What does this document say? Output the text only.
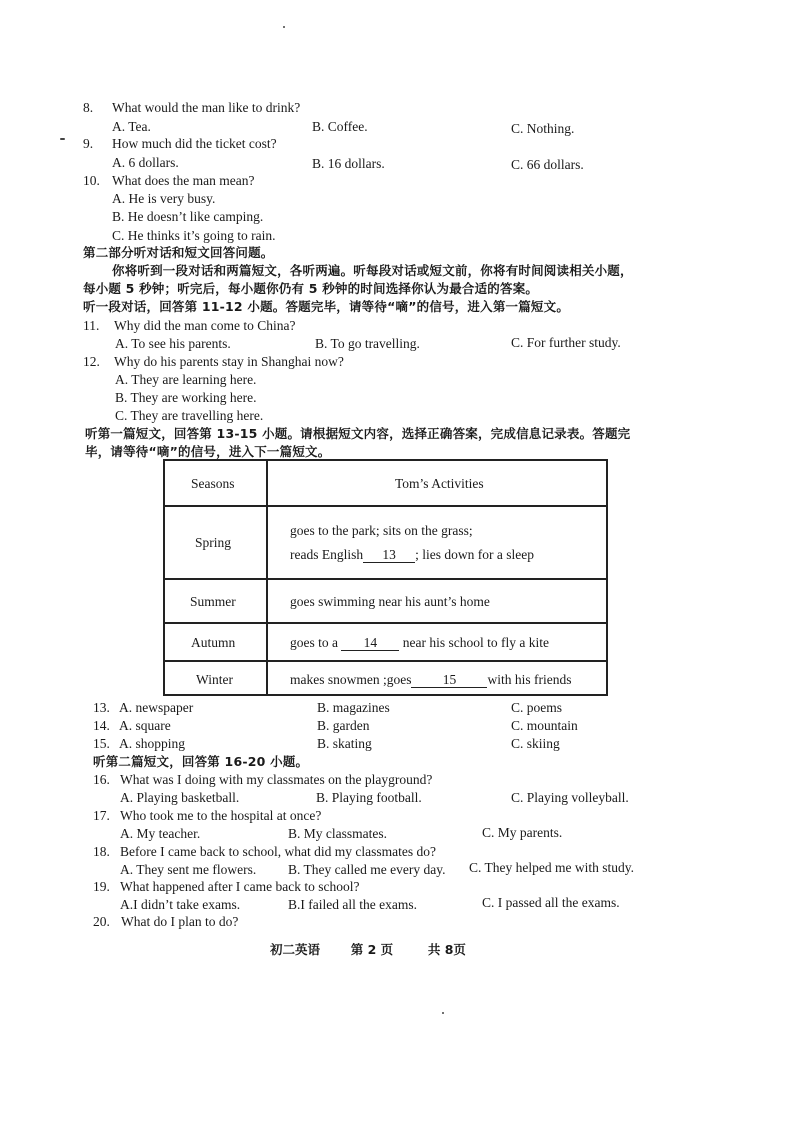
8. What would the man like to drink?
A. Tea.	B. Coffee.	C. Nothing.
9. How much did the ticket cost?
A. 6 dollars.	B. 16 dollars.	C. 66 dollars.
10. What does the man mean?
A. He is very busy.
B. He doesn’t like camping.
C. He thinks it’s going to rain.
第二部分听对话和短文回答问题。
你将听到一段对话和两篇短文，各听两遍。听每段对话或短文前，你将有时间阅读相关小题，
每小题 5 秒钟；听完后，每小题你仍有 5 秒钟的时间选择你认为最合适的答案。
听一段对话，回答第 11-12 小题。答题完毕，请等待“嘀”的信号，进入第一篇短文。
11. Why did the man come to China?
A. To see his parents.	B. To go travelling.	C. For further study.
12. Why do his parents stay in Shanghai now?
A. They are learning here.
B. They are working here.
C. They are travelling here.
听第一篇短文，回答第 13-15 小题。请根据短文内容，选择正确答案，完成信息记录表。答题完
毕，请等待“嘀”的信号，进入下一篇短文。
Seasons	Tom’s Activities
Spring
goes to the park; sits on the grass;
reads English 13 ; lies down for a sleep
Summer	goes swimming near his aunt’s home
Autumn	goes to a 14 near his school to fly a kite
Winter	makes snowmen ;goes 15 with his friends
13. A. newspaper	B. magazines	C. poems
14. A. square	B. garden	C. mountain
15. A. shopping	B. skating	C. skiing
听第二篇短文，回答第 16-20 小题。
16. What was I doing with my classmates on the playground?
A. Playing basketball.	B. Playing football.	C. Playing volleyball.
17. Who took me to the hospital at once?
A. My teacher.	B. My classmates.	C. My parents.
18. Before I came back to school, what did my classmates do?
A. They sent me flowers. B. They called me every day. C. They helped me with study.
19. What happened after I came back to school?
A.I didn’t take exams.	B.I failed all the exams.	C. I passed all the exams.
20. What do I plan to do?
初二英语 第 2 页	共 8页
